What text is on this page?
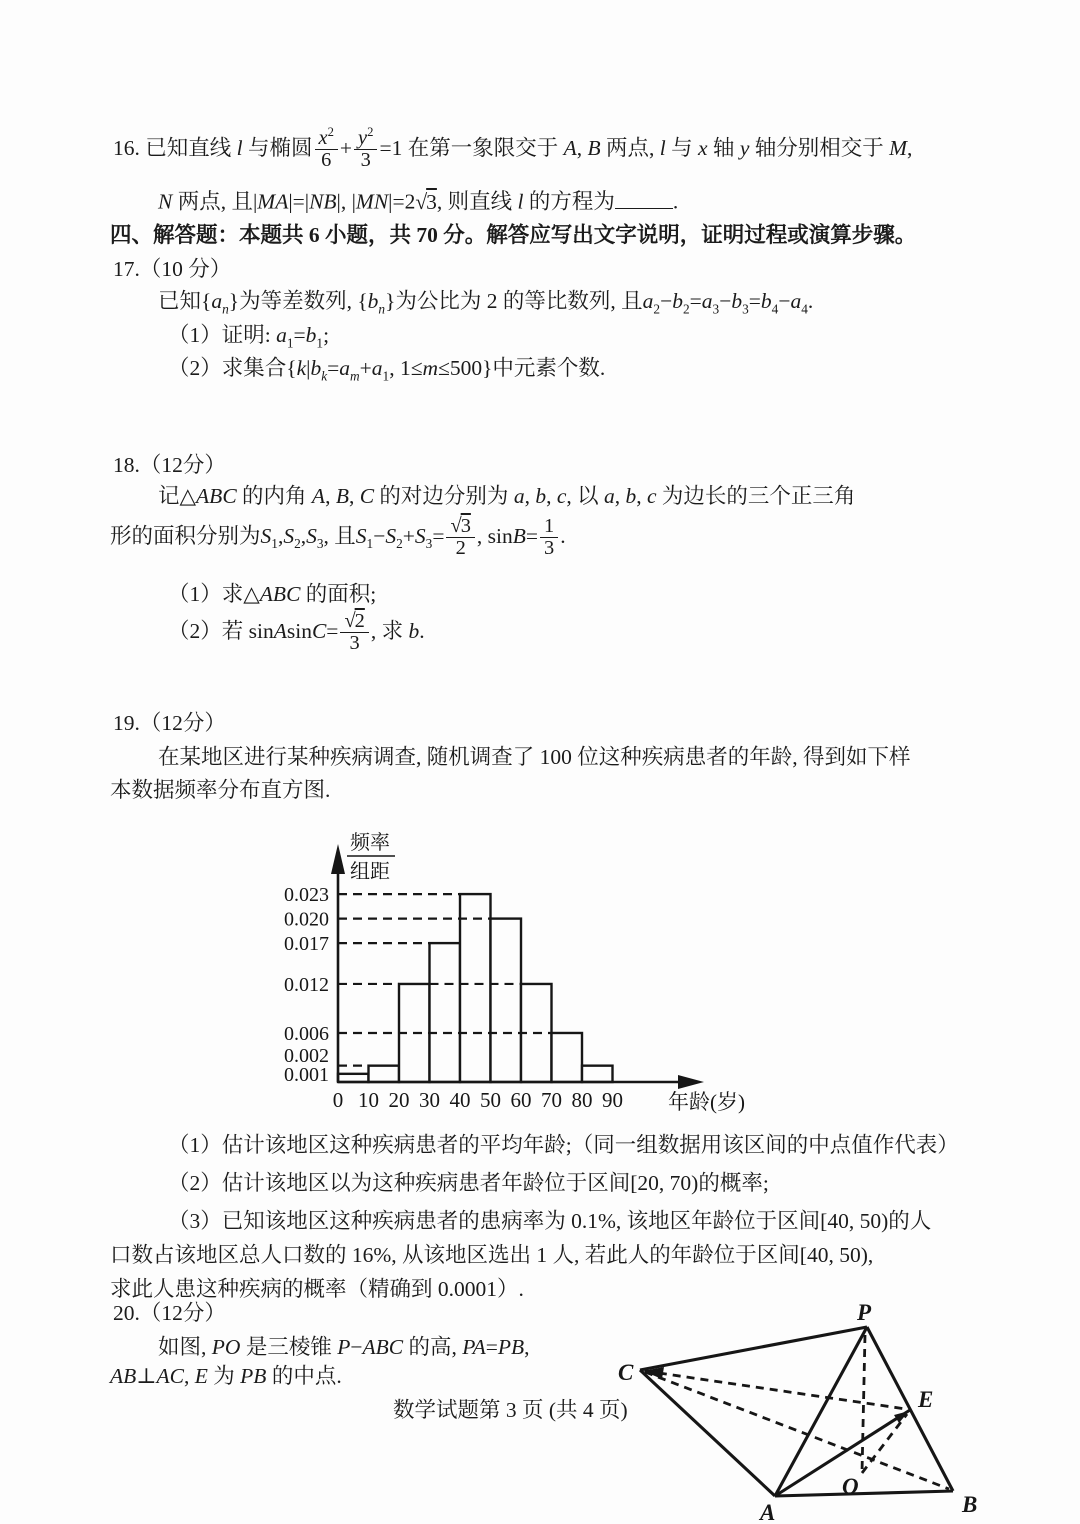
16. 已知直线 l 与椭圆 $\frac{x^2}{6} + \frac{y^2}{3} =1$ 在第一象限交于 A, B 两点, l 与 x 轴 y 轴分别相交于 M,
N 两点, 且|MA|=|NB|, |MN|=2 √ 3, 则直线 l 的方程为	.
四、解答题：本题共 6 小题，共 70 分。解答应写出文字说明，证明过程或演算步骤。
17.（10 分）
已知$\{a_n\}$为等差数列, $\{b_n\}$为公比为 2 的等比数列, 且$a_2-b_2=a_3-b_3=b_4-a_4$.
（1）证明: $a_1=b_1$;
（2）求集合{$k|b_k=a_m+a_1$, 1≤m≤500}中元素个数.
18.（12分）
记△ABC 的内角 A, B, C 的对边分别为 a, b, c, 以 a, b, c 为边长的三个正三角
形的面积分别为$S_1,S_2,S_3$, 且$S_1-S_2+S_3=$ √ $\frac{3}{2}$ , $\sin B= \frac{1}{3}$ .
（1）求△ABC 的面积;
（2）若 sinAsinC= √ $\frac{2}{3}$ , 求 b.
19.（12分）
在某地区进行某种疾病调查, 随机调查了 100 位这种疾病患者的年龄, 得到如下样
本数据频率分布直方图.
0.023
0.020
0.017
0.012
0.006
0.002
0.001
0 10 20 30 40 50 60 70 80 90
频率
组距
年龄(岁)
（1）估计该地区这种疾病患者的平均年龄;（同一组数据用该区间的中点值作代表）
（2）估计该地区以为这种疾病患者年龄位于区间[20, 70)的概率;
（3）已知该地区这种疾病患者的患病率为 0.1%, 该地区年龄位于区间[40, 50)的人
口数占该地区总人口数的 16%, 从该地区选出 1 人, 若此人的年龄位于区间[40, 50),
求此人患这种疾病的概率（精确到 0.0001）.
20.（12分）
如图, PO 是三棱锥 P−ABC 的高, PA=PB,
AB⊥AC, E 为 PB 的中点.
数学试题第 3 页 (共 4 页)
P
C
A	B
E
O
